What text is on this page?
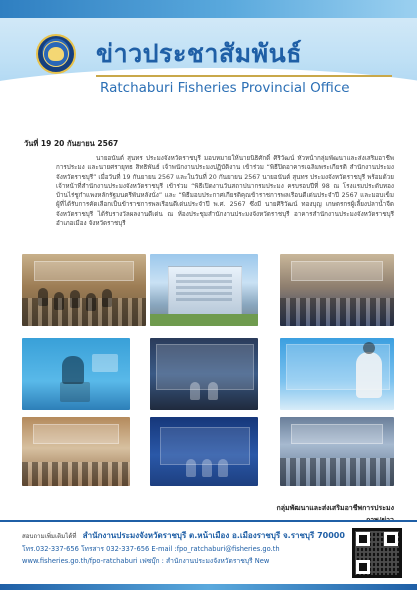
ข่าวประชาสัมพันธ์
Ratchaburi Fisheries Provincial Office
วันที่ 19 20 กันยายน 2567
นายอนันต์ สุนทร ประมงจังหวัดราชบุรี มอบหมายให้นายนิธิศักดิ์ ศิริวัฒน์ หัวหน้ากลุ่มพัฒนาและส่งเสริมอาชีพการประมง และนายศรายุทธ สิทธิพันธ์ เจ้าพนักงานประมงปฏิบัติงาน เข้าร่วม “พิธีปิดอาคารเฉลิมพระเกียรติ สำนักงานประมงจังหวัดราชบุรี” เมื่อวันที่ 19 กันยายน 2567 และในวันที่ 20 กันยายน 2567 นายอนันต์ สุนทร ประมงจังหวัดราชบุรี พร้อมด้วยเจ้าหน้าที่สำนักงานประมงจังหวัดราชบุรี เข้าร่วม “พิธีเปิดงานวันสถาปนากรมประมง ครบรอบปีที่ 98 ณ โรงแรมประดับทอง บ้านไร่ชูกำแพงหลักรัฐมนตรีพันหลังนั่ง” และ “พิธีมอบประกาศเกียรติคุณข้าราชการพลเรือนดีเด่นประจำปี 2567 และมอบเข็มผู้ที่ได้รับการคัดเลือกเป็นข้าราชการพลเรือนดีเด่นประจำปี พ.ศ. 2567 ซึ่งมี นายศิริวัฒน์ ทองบุญ เกษตรกรผู้เลี้ยงปลาน้ำจืดจังหวัดราชบุรี ได้รับรางวัลผลงานดีเด่น ณ ห้องประชุมสำนักงานประมงจังหวัดราชบุรี อาคารสำนักงานประมงจังหวัดราชบุรี อำเภอเมือง จังหวัดราชบุรี
กลุ่มพัฒนาและส่งเสริมอาชีพการประมง
สอบถามเพิ่มเติมได้ที่ สำนักงานประมงจังหวัดราชบุรี ต.หน้าเมือง อ.เมืองราชบุรี จ.ราชบุรี 70000
โทร.032-337-656 โทรสาร 032-337-656 E-mail :fpo_ratchaburi@fisheries.go.th
www.fisheries.go.th/fpo-ratchaburi เฟซบุ๊ก : สำนักงานประมงจังหวัดราชบุรี New
